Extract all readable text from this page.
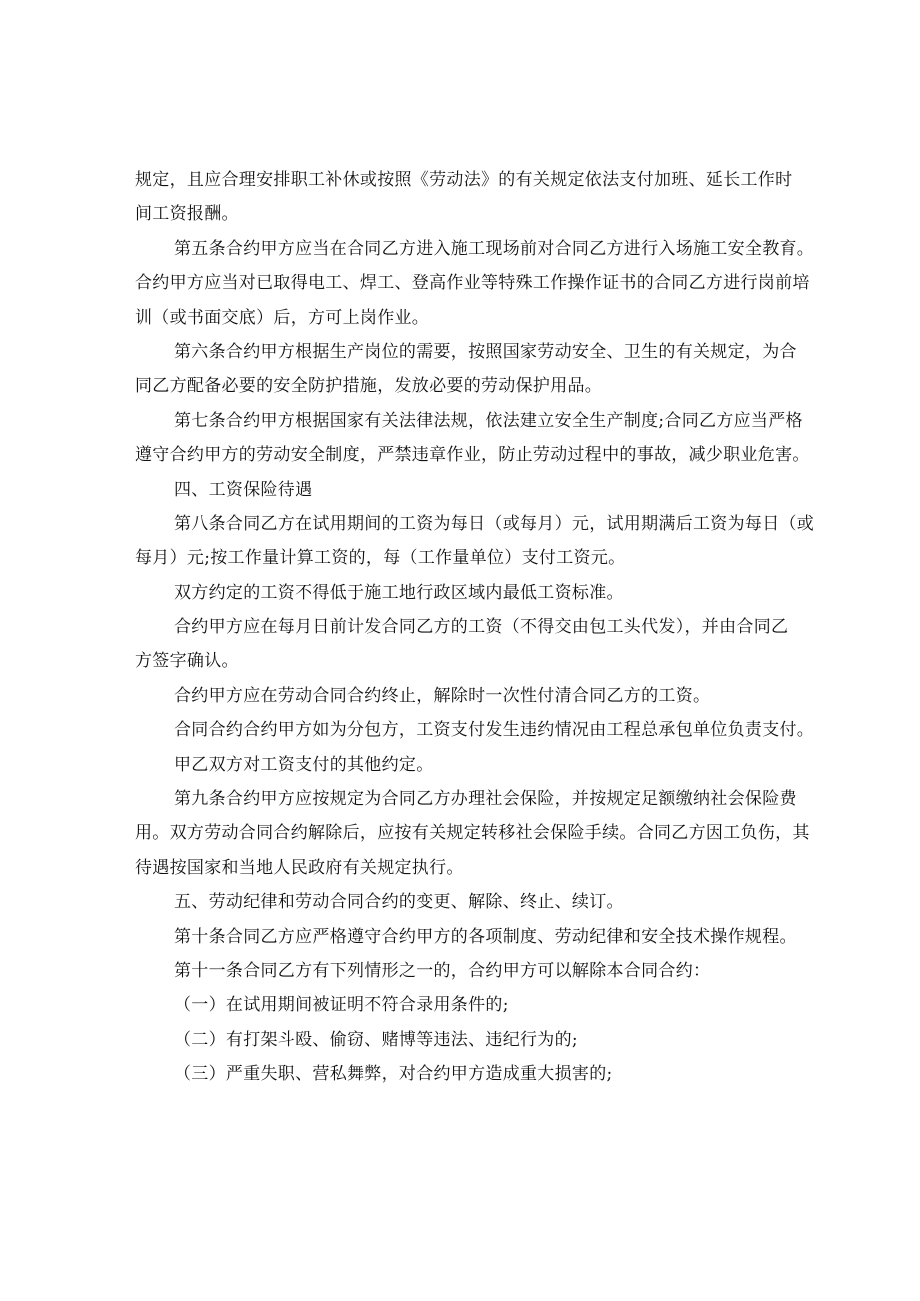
规定，且应合理安排职工补休或按照《劳动法》的有关规定依法支付加班、延长工作时
间工资报酬。
第五条合约甲方应当在合同乙方进入施工现场前对合同乙方进行入场施工安全教育。
合约甲方应当对已取得电工、焊工、登高作业等特殊工作操作证书的合同乙方进行岗前培
训（或书面交底）后，方可上岗作业。
第六条合约甲方根据生产岗位的需要，按照国家劳动安全、卫生的有关规定，为合
同乙方配备必要的安全防护措施，发放必要的劳动保护用品。
第七条合约甲方根据国家有关法律法规，依法建立安全生产制度;合同乙方应当严格
遵守合约甲方的劳动安全制度，严禁违章作业，防止劳动过程中的事故，减少职业危害。
四、工资保险待遇
第八条合同乙方在试用期间的工资为每日（或每月）元，试用期满后工资为每日（或
每月）元;按工作量计算工资的，每（工作量单位）支付工资元。
双方约定的工资不得低于施工地行政区域内最低工资标准。
合约甲方应在每月日前计发合同乙方的工资（不得交由包工头代发），并由合同乙
方签字确认。
合约甲方应在劳动合同合约终止，解除时一次性付清合同乙方的工资。
合同合约合约甲方如为分包方，工资支付发生违约情况由工程总承包单位负责支付。
甲乙双方对工资支付的其他约定。
第九条合约甲方应按规定为合同乙方办理社会保险，并按规定足额缴纳社会保险费
用。双方劳动合同合约解除后，应按有关规定转移社会保险手续。合同乙方因工负伤，其
待遇按国家和当地人民政府有关规定执行。
五、劳动纪律和劳动合同合约的变更、解除、终止、续订。
第十条合同乙方应严格遵守合约甲方的各项制度、劳动纪律和安全技术操作规程。
第十一条合同乙方有下列情形之一的，合约甲方可以解除本合同合约：
（一）在试用期间被证明不符合录用条件的;
（二）有打架斗殴、偷窃、赌博等违法、违纪行为的;
（三）严重失职、营私舞弊，对合约甲方造成重大损害的;
